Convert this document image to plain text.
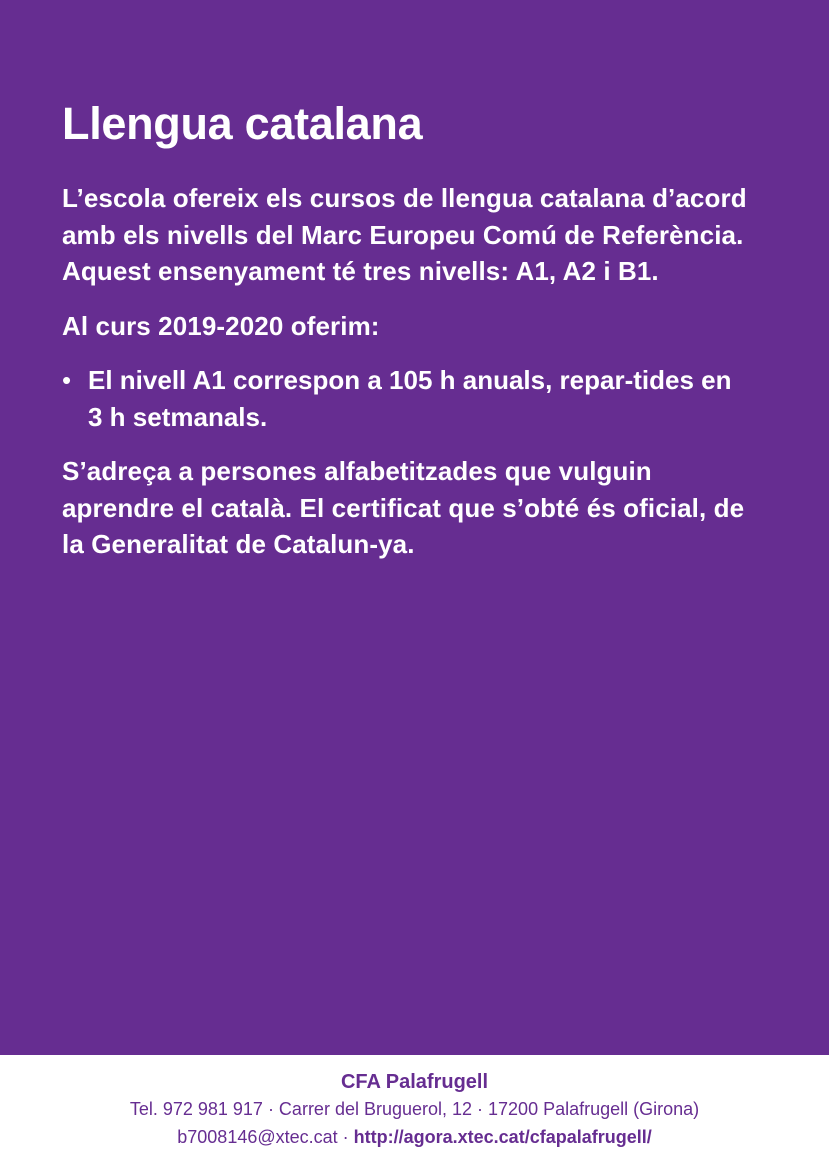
Llengua catalana

L’escola ofereix els cursos de llengua catalana d’acord amb els nivells del Marc Europeu Comú de Referència. Aquest ensenyament té tres nivells: A1, A2 i B1.

Al curs 2019-2020 oferim:

• El nivell A1 correspon a 105 h anuals, repar-tides en 3 h setmanals.

S’adreça a persones alfabetitzades que vulguin aprendre el català. El certificat que s’obté és oficial, de la Generalitat de Catalun-ya.

CFA Palafrugell
Tel. 972 981 917 · Carrer del Bruguerol, 12 · 17200 Palafrugell (Girona)
b7008146@xtec.cat · http://agora.xtec.cat/cfapalafrugell/
